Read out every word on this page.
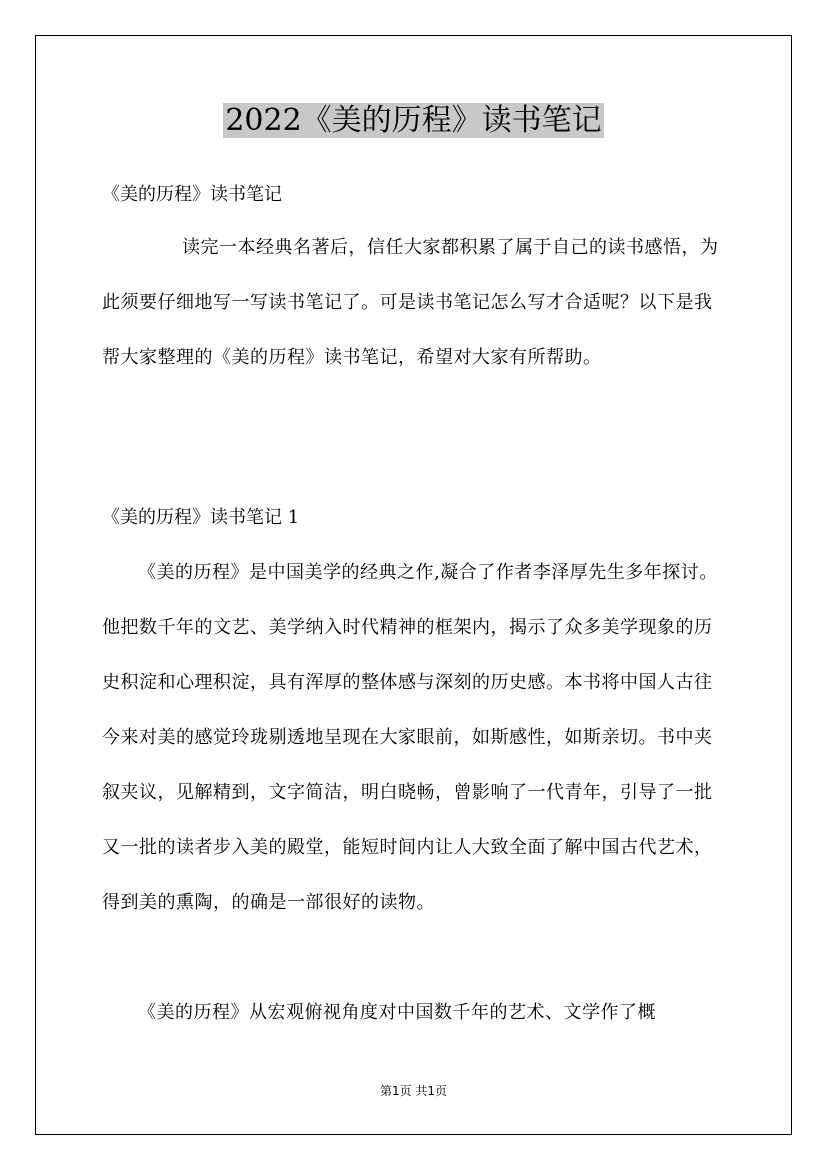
2022《美的历程》读书笔记

《美的历程》读书笔记

读完一本经典名著后，信任大家都积累了属于自己的读书感悟，为此须要仔细地写一写读书笔记了。可是读书笔记怎么写才合适呢？以下是我帮大家整理的《美的历程》读书笔记，希望对大家有所帮助。

《美的历程》读书笔记 1

《美的历程》是中国美学的经典之作,凝合了作者李泽厚先生多年探讨。他把数千年的文艺、美学纳入时代精神的框架内，揭示了众多美学现象的历史积淀和心理积淀，具有浑厚的整体感与深刻的历史感。本书将中国人古往今来对美的感觉玲珑剔透地呈现在大家眼前，如斯感性，如斯亲切。书中夹叙夹议，见解精到，文字简洁，明白晓畅，曾影响了一代青年，引导了一批又一批的读者步入美的殿堂，能短时间内让人大致全面了解中国古代艺术，得到美的熏陶，的确是一部很好的读物。

《美的历程》从宏观俯视角度对中国数千年的艺术、文学作了概

第1页 共1页
